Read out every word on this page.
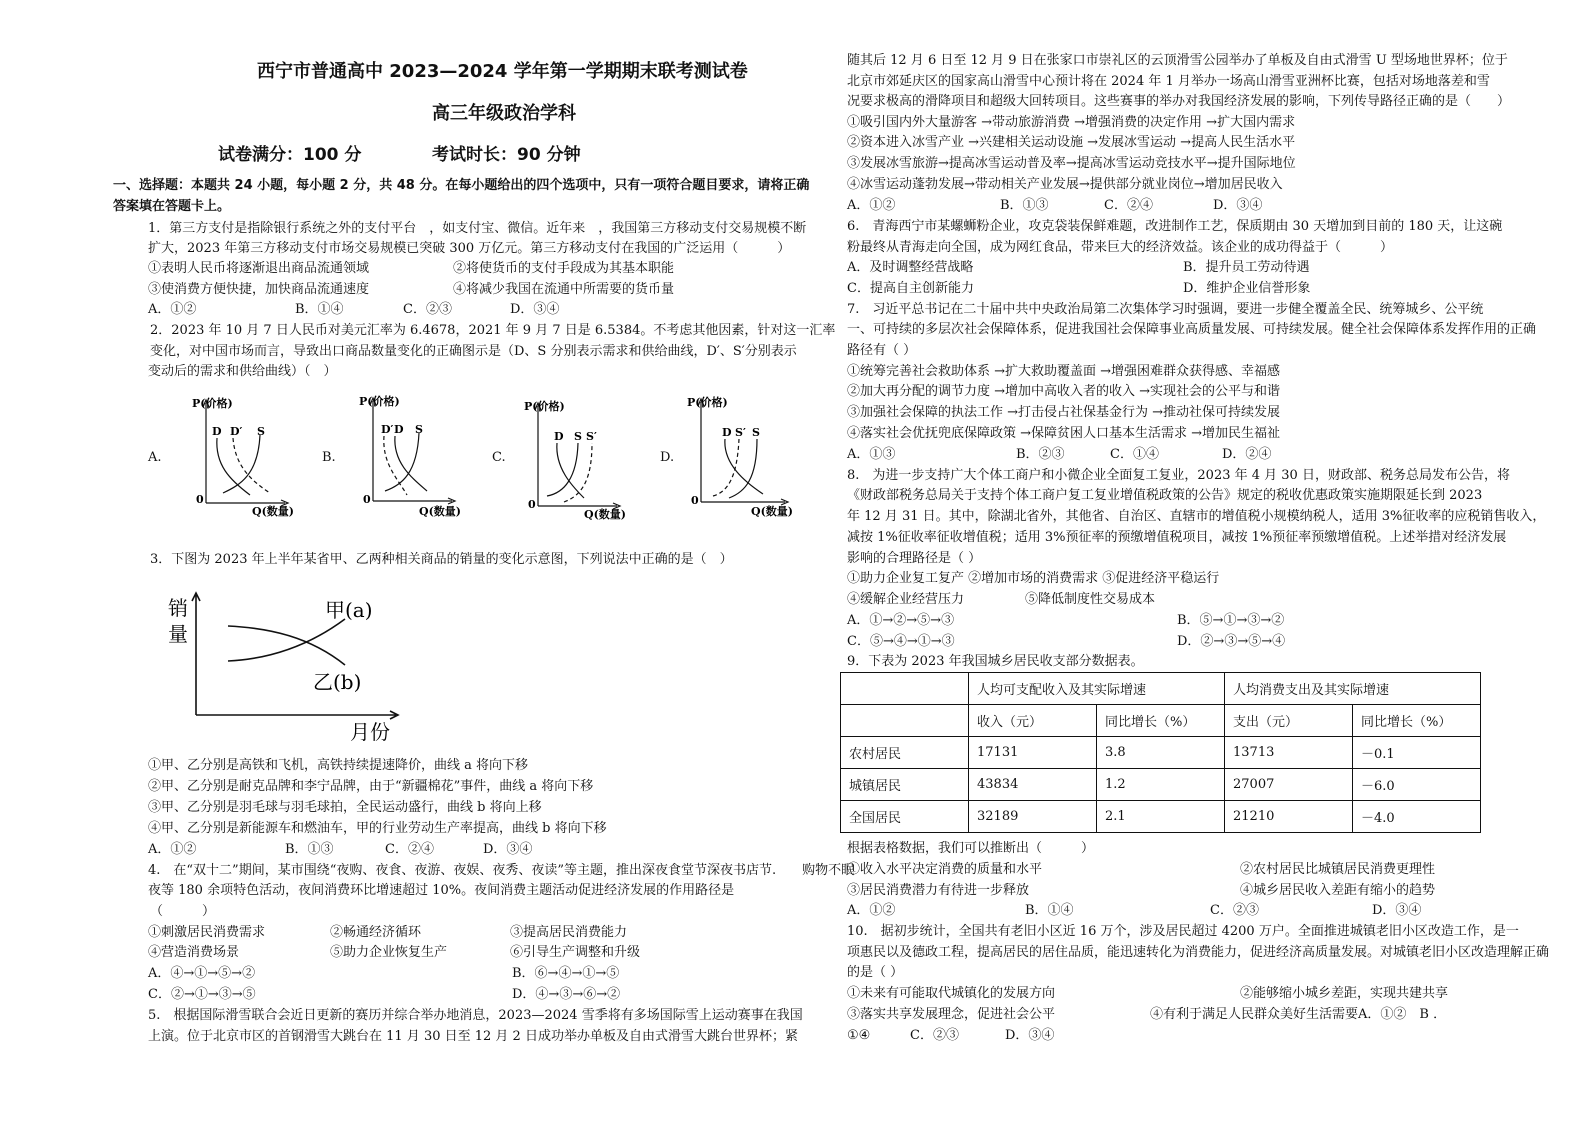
西宁市普通高中 2023—2024 学年第一学期期末联考测试卷
高三年级政治学科
试卷满分：100 分	考试时长：90 分钟
一、选择题：本题共 24 小题，每小题 2 分，共 48 分。在每小题给出的四个选项中，只有一项符合题目要求，请将正确
答案填在答题卡上。
1．第三方支付是指除银行系统之外的支付平台　，如支付宝、微信。近年来　，我国第三方移动支付交易规模不断
扩大，2023 年第三方移动支付市场交易规模已突破 300 万亿元。第三方移动支付在我国的广泛运用（　　　）
①表明人民币将逐渐退出商品流通领域	②将使货币的支付手段成为其基本职能
③使消费方便快捷，加快商品流通速度	④将减少我国在流通中所需要的货币量
A．①②	B．①④	C．②③	D．③④
2．2023 年 10 月 7 日人民币对美元汇率为 6.4678，2021 年 9 月 7 日是 6.5384。不考虑其他因素，针对这一汇率
变化，对中国市场而言，导致出口商品数量变化的正确图示是（D、S 分别表示需求和供给曲线，D′、S′分别表示
变动后的需求和供给曲线）（　）
A.	B.	C.	D.
P(价格)
0
Q(数量)
D D′ S
P(价格)
0
Q(数量)
D′ D S
P(价格)
0
Q(数量)
D S S′
P(价格)
0
Q(数量)
D S′ S
3．下图为 2023 年上半年某省甲、乙两种相关商品的销量的变化示意图，下列说法中正确的是（　）
销
量
甲(a)
乙(b)
月份
①甲、乙分别是高铁和飞机，高铁持续提速降价，曲线 a 将向下移
②甲、乙分别是耐克品牌和李宁品牌，由于“新疆棉花”事件，曲线 a 将向下移
③甲、乙分别是羽毛球与羽毛球拍，全民运动盛行，曲线 b 将向上移
④甲、乙分别是新能源车和燃油车，甲的行业劳动生产率提高，曲线 b 将向下移
A．①②	B．①③	C．②④	D．③④
4.　在“双十二”期间，某市围绕“夜购、夜食、夜游、夜娱、夜秀、夜读”等主题，推出深夜食堂节深夜书店节.　　购物不眠
夜等 180 余项特色活动，夜间消费环比增速超过 10%。夜间消费主题活动促进经济发展的作用路径是
（　　　）
①刺激居民消费需求	②畅通经济循环	③提高居民消费能力
④营造消费场景	⑤助力企业恢复生产	⑥引导生产调整和升级
A．④→①→⑤→②	B．⑥→④→①→⑤
C．②→①→③→⑤	D．④→③→⑥→②
5.　根据国际滑雪联合会近日更新的赛历并综合举办地消息，2023—2024 雪季将有多场国际雪上运动赛事在我国
上演。位于北京市区的首钢滑雪大跳台在 11 月 30 日至 12 月 2 日成功举办单板及自由式滑雪大跳台世界杯；紧
随其后 12 月 6 日至 12 月 9 日在张家口市崇礼区的云顶滑雪公园举办了单板及自由式滑雪 U 型场地世界杯；位于
北京市郊延庆区的国家高山滑雪中心预计将在 2024 年 1 月举办一场高山滑雪亚洲杯比赛，包括对场地落差和雪
况要求极高的滑降项目和超级大回转项目。这些赛事的举办对我国经济发展的影响，下列传导路径正确的是（　　）
①吸引国内外大量游客 →带动旅游消费 →增强消费的决定作用 →扩大国内需求
②资本进入冰雪产业 →兴建相关运动设施 →发展冰雪运动 →提高人民生活水平
③发展冰雪旅游→提高冰雪运动普及率→提高冰雪运动竞技水平→提升国际地位
④冰雪运动蓬勃发展→带动相关产业发展→提供部分就业岗位→增加居民收入
A．①②	B．①③	C．②④	D．③④
6.　青海西宁市某螺蛳粉企业，攻克袋装保鲜难题，改进制作工艺，保质期由 30 天增加到目前的 180 天，让这碗
粉最终从青海走向全国，成为网红食品，带来巨大的经济效益。该企业的成功得益于（　　　）
A．及时调整经营战略	B．提升员工劳动待遇
C．提高自主创新能力	D．维护企业信誉形象
7.　习近平总书记在二十届中共中央政治局第二次集体学习时强调，要进一步健全覆盖全民、统筹城乡、公平统
一、可持续的多层次社会保障体系，促进我国社会保障事业高质量发展、可持续发展。健全社会保障体系发挥作用的正确
路径有（ ）
①统筹完善社会救助体系 →扩大救助覆盖面 →增强困难群众获得感、幸福感
②加大再分配的调节力度 →增加中高收入者的收入 →实现社会的公平与和谐
③加强社会保障的执法工作 →打击侵占社保基金行为 →推动社保可持续发展
④落实社会优抚兜底保障政策 →保障贫困人口基本生活需求 →增加民生福祉
A．①③	B．②③	C．①④	D．②④
8.　为进一步支持广大个体工商户和小微企业全面复工复业，2023 年 4 月 30 日，财政部、税务总局发布公告，将
《财政部税务总局关于支持个体工商户复工复业增值税政策的公告》规定的税收优惠政策实施期限延长到 2023
年 12 月 31 日。其中，除湖北省外，其他省、自治区、直辖市的增值税小规模纳税人，适用 3%征收率的应税销售收入，
减按 1%征收率征收增值税；适用 3%预征率的预缴增值税项目，减按 1%预征率预缴增值税。上述举措对经济发展
影响的合理路径是（ ）
①助力企业复工复产 ②增加市场的消费需求 ③促进经济平稳运行
④缓解企业经营压力	⑤降低制度性交易成本
A．①→②→⑤→③	B．⑤→①→③→②
C．⑤→④→①→③	D．②→③→⑤→④
9．下表为 2023 年我国城乡居民收支部分数据表。
	人均可支配收入及其实际增速		人均消费支出及其实际增速	
	收入（元）	同比增长（%）	支出（元）	同比增长（%）
农村居民	17131	3.8	13713	－0.1
城镇居民	43834	1.2	27007	－6.0
全国居民	32189	2.1	21210	－4.0
根据表格数据，我们可以推断出（　　　）
①收入水平决定消费的质量和水平	②农村居民比城镇居民消费更理性
③居民消费潜力有待进一步释放	④城乡居民收入差距有缩小的趋势
A．①②	B．①④	C．②③	D．③④
10.　据初步统计，全国共有老旧小区近 16 万个，涉及居民超过 4200 万户。全面推进城镇老旧小区改造工作，是一
项惠民以及德政工程，提高居民的居住品质，能迅速转化为消费能力，促进经济高质量发展。对城镇老旧小区改造理解正确
的是（ ）
①未来有可能取代城镇化的发展方向	②能够缩小城乡差距，实现共建共享
③落实共享发展理念，促进社会公平	④有利于满足人民群众美好生活需要A．①②　B ．
①④	C．②③	D．③④
